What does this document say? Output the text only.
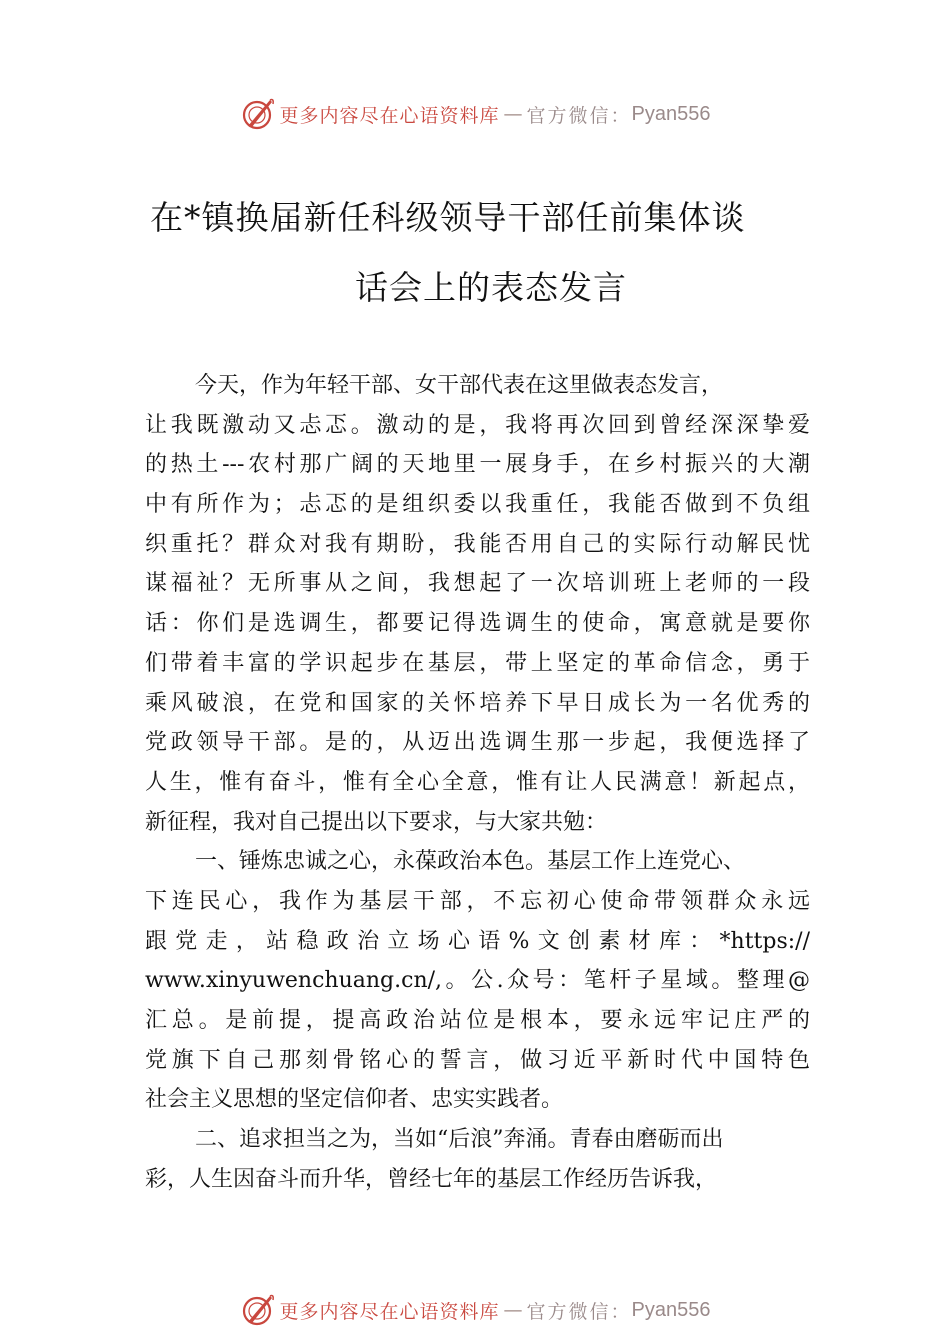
更多内容尽在心语资料库 — 官方微信： Pyan556
在*镇换届新任科级领导干部任前集体谈
话会上的表态发言
今天，作为年轻干部、女干部代表在这里做表态发言，
让我既激动又忐忑。激动的是，我将再次回到曾经深深挚爱
的热土---农村那广阔的天地里一展身手，在乡村振兴的大潮
中有所作为；忐忑的是组织委以我重任，我能否做到不负组
织重托？群众对我有期盼，我能否用自己的实际行动解民忧
谋福祉？无所事从之间，我想起了一次培训班上老师的一段
话：你们是选调生，都要记得选调生的使命，寓意就是要你
们带着丰富的学识起步在基层，带上坚定的革命信念，勇于
乘风破浪，在党和国家的关怀培养下早日成长为一名优秀的
党政领导干部。是的，从迈出选调生那一步起，我便选择了
人生，惟有奋斗，惟有全心全意，惟有让人民满意！新起点，
新征程，我对自己提出以下要求，与大家共勉：
一、锤炼忠诚之心，永葆政治本色。基层工作上连党心、
下连民心，我作为基层干部，不忘初心使命带领群众永远
跟党走，站稳政治立场心语%文创素材库：*https://
www.xinyuwenchuang.cn/,。公.众号：笔杆子星域。整理@
汇总。是前提，提高政治站位是根本，要永远牢记庄严的
党旗下自己那刻骨铭心的誓言，做习近平新时代中国特色
社会主义思想的坚定信仰者、忠实实践者。
二、追求担当之为，当如“后浪”奔涌。青春由磨砺而出
彩，人生因奋斗而升华，曾经七年的基层工作经历告诉我，
更多内容尽在心语资料库 — 官方微信： Pyan556
